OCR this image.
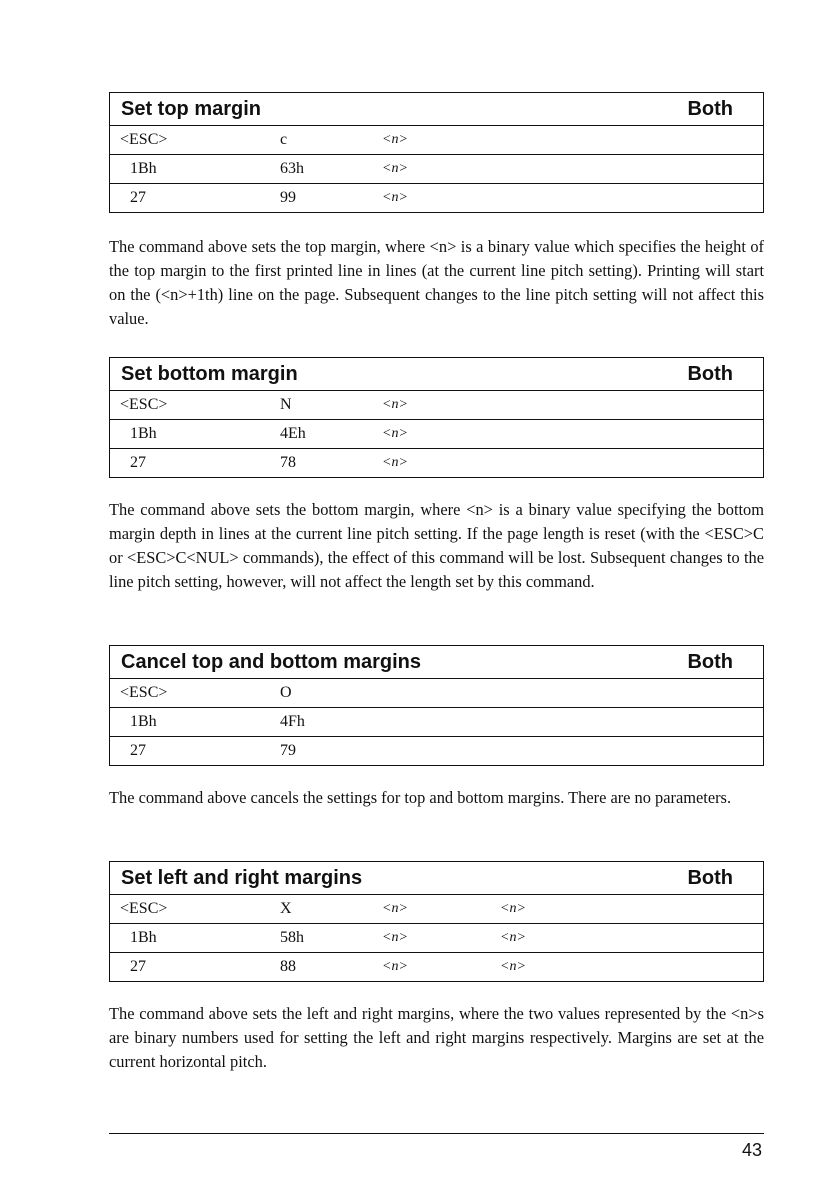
Set top margin	Both
<ESC>	c	<n>
1Bh	63h	<n>
27	99	<n>

The command above sets the top margin, where <n> is a binary value which specifies the height of the top margin to the first printed line in lines (at the current line pitch setting). Printing will start on the (<n>+1th) line on the page. Subsequent changes to the line pitch setting will not affect this value.

Set bottom margin	Both
<ESC>	N	<n>
1Bh	4Eh	<n>
27	78	<n>

The command above sets the bottom margin, where <n> is a binary value specifying the bottom margin depth in lines at the current line pitch setting. If the page length is reset (with the <ESC>C or <ESC>C<NUL> commands), the effect of this command will be lost. Subsequent changes to the line pitch setting, however, will not affect the length set by this command.

Cancel top and bottom margins	Both
<ESC>	O
1Bh	4Fh
27	79

The command above cancels the settings for top and bottom margins. There are no parameters.

Set left and right margins	Both
<ESC>	X	<n>	<n>
1Bh	58h	<n>	<n>
27	88	<n>	<n>

The command above sets the left and right margins, where the two values represented by the <n>s are binary numbers used for setting the left and right margins respectively. Margins are set at the current horizontal pitch.

43
